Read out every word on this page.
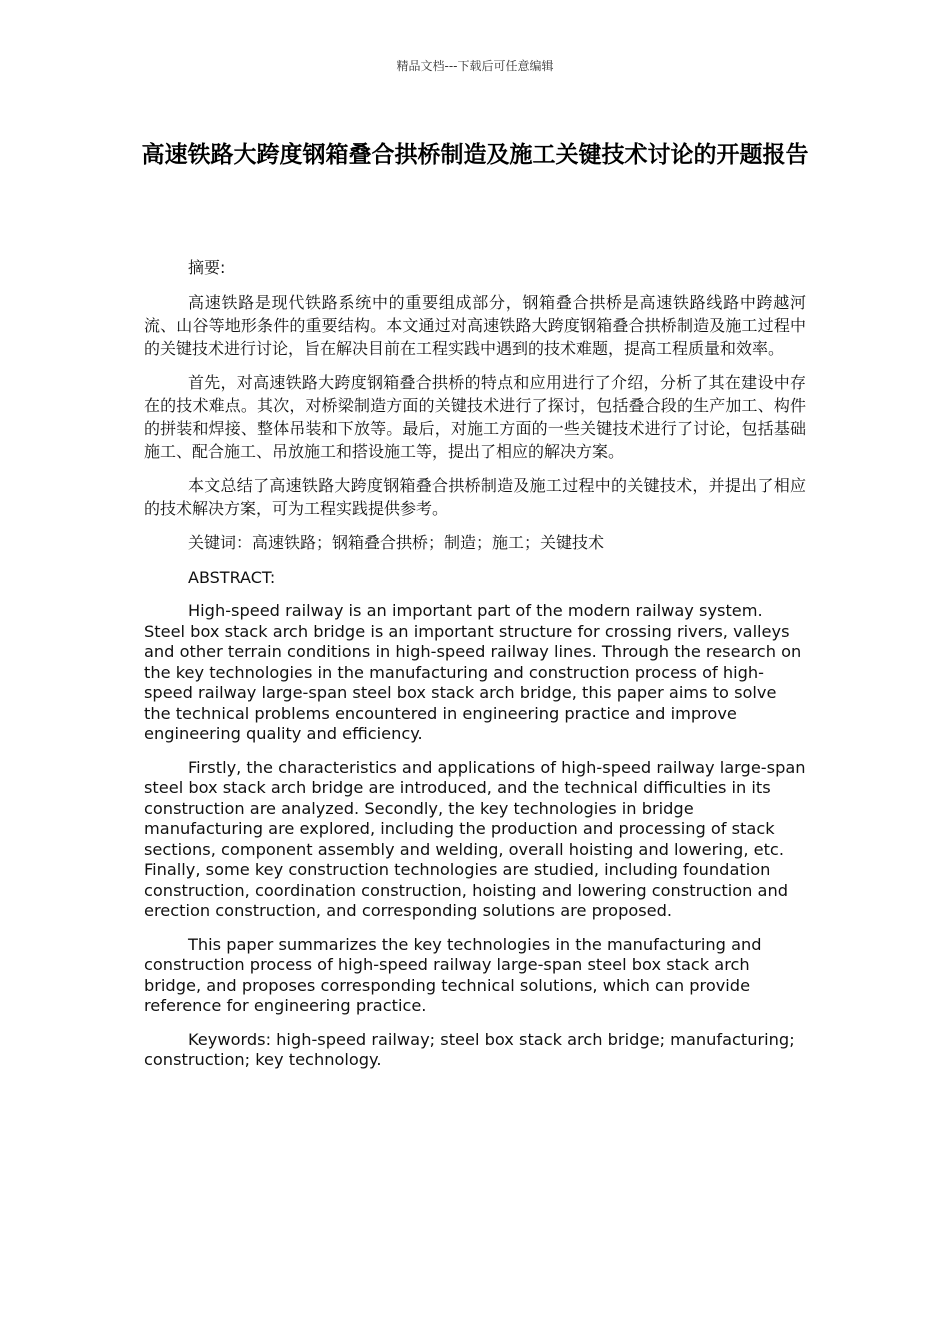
精品文档---下载后可任意编辑
高速铁路大跨度钢箱叠合拱桥制造及施工关键技术讨论的开题报告

摘要:

高速铁路是现代铁路系统中的重要组成部分，钢箱叠合拱桥是高速铁路线路中跨越河流、山谷等地形条件的重要结构。本文通过对高速铁路大跨度钢箱叠合拱桥制造及施工过程中的关键技术进行讨论，旨在解决目前在工程实践中遇到的技术难题，提高工程质量和效率。

首先，对高速铁路大跨度钢箱叠合拱桥的特点和应用进行了介绍，分析了其在建设中存在的技术难点。其次，对桥梁制造方面的关键技术进行了探讨，包括叠合段的生产加工、构件的拼装和焊接、整体吊装和下放等。最后，对施工方面的一些关键技术进行了讨论，包括基础施工、配合施工、吊放施工和搭设施工等，提出了相应的解决方案。

本文总结了高速铁路大跨度钢箱叠合拱桥制造及施工过程中的关键技术，并提出了相应的技术解决方案，可为工程实践提供参考。

关键词：高速铁路；钢箱叠合拱桥；制造；施工；关键技术

ABSTRACT:

High-speed railway is an important part of the modern railway system. Steel box stack arch bridge is an important structure for crossing rivers, valleys and other terrain conditions in high-speed railway lines. Through the research on the key technologies in the manufacturing and construction process of high-speed railway large-span steel box stack arch bridge, this paper aims to solve the technical problems encountered in engineering practice and improve engineering quality and efficiency.

Firstly, the characteristics and applications of high-speed railway large-span steel box stack arch bridge are introduced, and the technical difficulties in its construction are analyzed. Secondly, the key technologies in bridge manufacturing are explored, including the production and processing of stack sections, component assembly and welding, overall hoisting and lowering, etc. Finally, some key construction technologies are studied, including foundation construction, coordination construction, hoisting and lowering construction and erection construction, and corresponding solutions are proposed.

This paper summarizes the key technologies in the manufacturing and construction process of high-speed railway large-span steel box stack arch bridge, and proposes corresponding technical solutions, which can provide reference for engineering practice.

Keywords: high-speed railway; steel box stack arch bridge; manufacturing; construction; key technology.
